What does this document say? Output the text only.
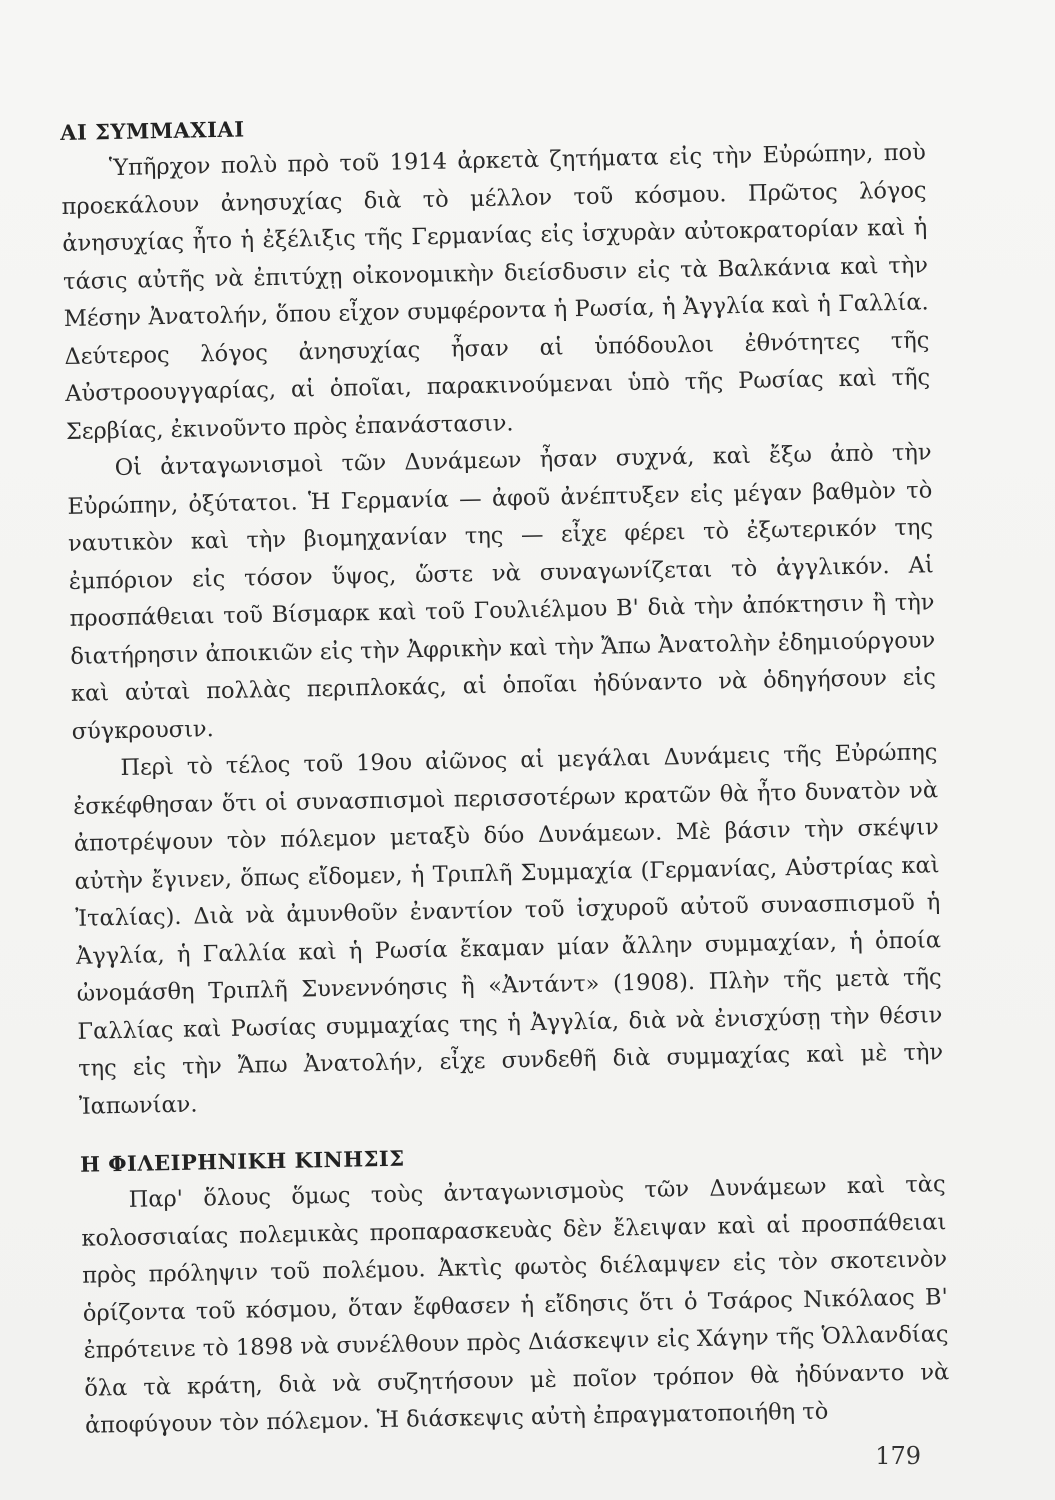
ΑΙ ΣΥΜΜΑΧΙΑΙ

Ὑπῆρχον πολὺ πρὸ τοῦ 1914 ἀρκετὰ ζητήματα εἰς τὴν Εὐρώπην, ποὺ προεκάλουν ἀνησυχίας διὰ τὸ μέλλον τοῦ κόσμου. Πρῶτος λόγος ἀνησυχίας ἦτο ἡ ἐξέλιξις τῆς Γερμανίας εἰς ἰσχυρὰν αὐτοκρατορίαν καὶ ἡ τάσις αὐτῆς νὰ ἐπιτύχῃ οἰκονομικὴν διείσδυσιν εἰς τὰ Βαλκάνια καὶ τὴν Μέσην Ἀνατολήν, ὅπου εἶχον συμφέροντα ἡ Ρωσία, ἡ Ἀγγλία καὶ ἡ Γαλλία. Δεύτερος λόγος ἀνησυχίας ἦσαν αἱ ὑπόδουλοι ἐθνότητες τῆς Αὐστροουγγαρίας, αἱ ὁποῖαι, παρακινούμεναι ὑπὸ τῆς Ρωσίας καὶ τῆς Σερβίας, ἐκινοῦντο πρὸς ἐπανάστασιν.

Οἱ ἀνταγωνισμοὶ τῶν Δυνάμεων ἦσαν συχνά, καὶ ἔξω ἀπὸ τὴν Εὐρώπην, ὀξύτατοι. Ἡ Γερμανία — ἀφοῦ ἀνέπτυξεν εἰς μέγαν βαθμὸν τὸ ναυτικὸν καὶ τὴν βιομηχανίαν της — εἶχε φέρει τὸ ἐξωτερικόν της ἐμπόριον εἰς τόσον ὕψος, ὥστε νὰ συναγωνίζεται τὸ ἀγγλικόν. Αἱ προσπάθειαι τοῦ Βίσμαρκ καὶ τοῦ Γουλιέλμου Β' διὰ τὴν ἀπόκτησιν ἢ τὴν διατήρησιν ἀποικιῶν εἰς τὴν Ἀφρικὴν καὶ τὴν Ἄπω Ἀνατολὴν ἐδημιούργουν καὶ αὐταὶ πολλὰς περιπλοκάς, αἱ ὁποῖαι ἠδύναντο νὰ ὁδηγήσουν εἰς σύγκρουσιν.

Περὶ τὸ τέλος τοῦ 19ου αἰῶνος αἱ μεγάλαι Δυνάμεις τῆς Εὐρώπης ἐσκέφθησαν ὅτι οἱ συνασπισμοὶ περισσοτέρων κρατῶν θὰ ἦτο δυνατὸν νὰ ἀποτρέψουν τὸν πόλεμον μεταξὺ δύο Δυνάμεων. Μὲ βάσιν τὴν σκέψιν αὐτὴν ἔγινεν, ὅπως εἴδομεν, ἡ Τριπλῆ Συμμαχία (Γερμανίας, Αὐστρίας καὶ Ἰταλίας). Διὰ νὰ ἀμυνθοῦν ἐναντίον τοῦ ἰσχυροῦ αὐτοῦ συνασπισμοῦ ἡ Ἀγγλία, ἡ Γαλλία καὶ ἡ Ρωσία ἔκαμαν μίαν ἄλλην συμμαχίαν, ἡ ὁποία ὠνομάσθη Τριπλῆ Συνεννόησις ἢ «Ἀντάντ» (1908). Πλὴν τῆς μετὰ τῆς Γαλλίας καὶ Ρωσίας συμμαχίας της ἡ Ἀγγλία, διὰ νὰ ἐνισχύσῃ τὴν θέσιν της εἰς τὴν Ἄπω Ἀνατολήν, εἶχε συνδεθῆ διὰ συμμαχίας καὶ μὲ τὴν Ἰαπωνίαν.

Η ΦΙΛΕΙΡΗΝΙΚΗ ΚΙΝΗΣΙΣ

Παρ' ὅλους ὅμως τοὺς ἀνταγωνισμοὺς τῶν Δυνάμεων καὶ τὰς κολοσσιαίας πολεμικὰς προπαρασκευὰς δὲν ἔλειψαν καὶ αἱ προσπάθειαι πρὸς πρόληψιν τοῦ πολέμου. Ἀκτὶς φωτὸς διέλαμψεν εἰς τὸν σκοτεινὸν ὁρίζοντα τοῦ κόσμου, ὅταν ἔφθασεν ἡ εἴδησις ὅτι ὁ Τσάρος Νικόλαος Β' ἐπρότεινε τὸ 1898 νὰ συνέλθουν πρὸς Διάσκεψιν εἰς Χάγην τῆς Ὁλλανδίας ὅλα τὰ κράτη, διὰ νὰ συζητήσουν μὲ ποῖον τρόπον θὰ ἠδύναντο νὰ ἀποφύγουν τὸν πόλεμον. Ἡ διάσκεψις αὐτὴ ἐπραγματοποιήθη τὸ

179
